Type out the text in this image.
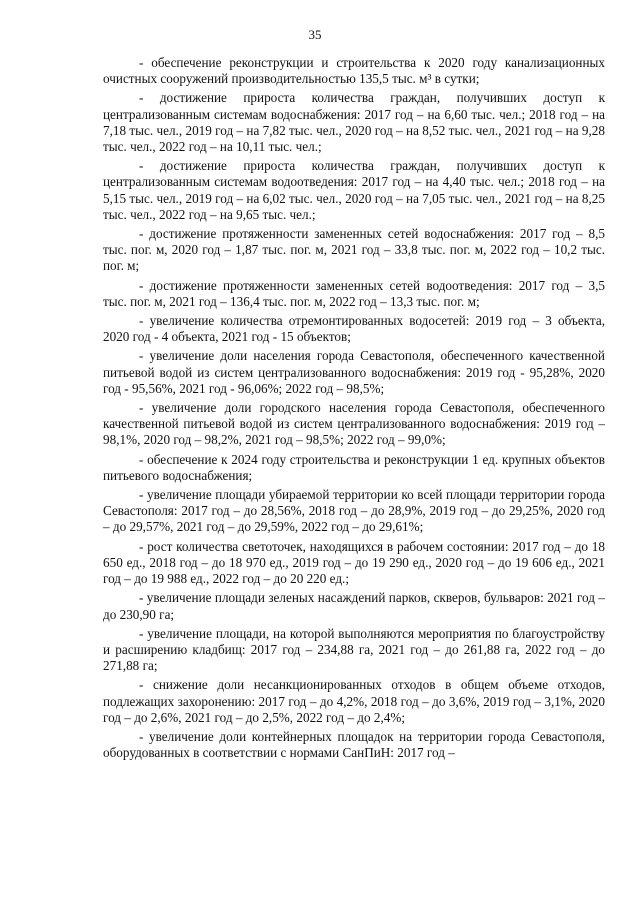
35

- обеспечение реконструкции и строительства к 2020 году канализационных очистных сооружений производительностью 135,5 тыс. м³ в сутки;

- достижение прироста количества граждан, получивших доступ к централизованным системам водоснабжения: 2017 год – на 6,60 тыс. чел.; 2018 год – на 7,18 тыс. чел., 2019 год – на 7,82 тыс. чел., 2020 год – на 8,52 тыс. чел., 2021 год – на 9,28 тыс. чел., 2022 год – на 10,11 тыс. чел.;

- достижение прироста количества граждан, получивших доступ к централизованным системам водоотведения: 2017 год – на 4,40 тыс. чел.; 2018 год – на 5,15 тыс. чел., 2019 год – на 6,02 тыс. чел., 2020 год – на 7,05 тыс. чел., 2021 год – на 8,25 тыс. чел., 2022 год – на 9,65 тыс. чел.;

- достижение протяженности замененных сетей водоснабжения: 2017 год – 8,5 тыс. пог. м, 2020 год – 1,87 тыс. пог. м, 2021 год – 33,8 тыс. пог. м, 2022 год – 10,2 тыс. пог. м;

- достижение протяженности замененных сетей водоотведения: 2017 год – 3,5 тыс. пог. м, 2021 год – 136,4 тыс. пог. м, 2022 год – 13,3 тыс. пог. м;

- увеличение количества отремонтированных водосетей: 2019 год – 3 объекта, 2020 год - 4 объекта, 2021 год - 15 объектов;

- увеличение доли населения города Севастополя, обеспеченного качественной питьевой водой из систем централизованного водоснабжения: 2019 год - 95,28%, 2020 год - 95,56%, 2021 год - 96,06%; 2022 год – 98,5%;

- увеличение доли городского населения города Севастополя, обеспеченного качественной питьевой водой из систем централизованного водоснабжения: 2019 год – 98,1%, 2020 год – 98,2%, 2021 год – 98,5%; 2022 год – 99,0%;

- обеспечение к 2024 году строительства и реконструкции 1 ед. крупных объектов питьевого водоснабжения;

- увеличение площади убираемой территории ко всей площади территории города Севастополя: 2017 год – до 28,56%, 2018 год – до 28,9%, 2019 год – до 29,25%, 2020 год – до 29,57%, 2021 год – до 29,59%, 2022 год – до 29,61%;

- рост количества светоточек, находящихся в рабочем состоянии: 2017 год – до 18 650 ед., 2018 год – до 18 970 ед., 2019 год – до 19 290 ед., 2020 год – до 19 606 ед., 2021 год – до 19 988 ед., 2022 год – до 20 220 ед.;

- увеличение площади зеленых насаждений парков, скверов, бульваров: 2021 год – до 230,90 га;

- увеличение площади, на которой выполняются мероприятия по благоустройству и расширению кладбищ: 2017 год – 234,88 га, 2021 год – до 261,88 га, 2022 год – до 271,88 га;

- снижение доли несанкционированных отходов в общем объеме отходов, подлежащих захоронению: 2017 год – до 4,2%, 2018 год – до 3,6%, 2019 год – 3,1%, 2020 год – до 2,6%, 2021 год – до 2,5%, 2022 год – до 2,4%;

- увеличение доли контейнерных площадок на территории города Севастополя, оборудованных в соответствии с нормами СанПиН: 2017 год –
